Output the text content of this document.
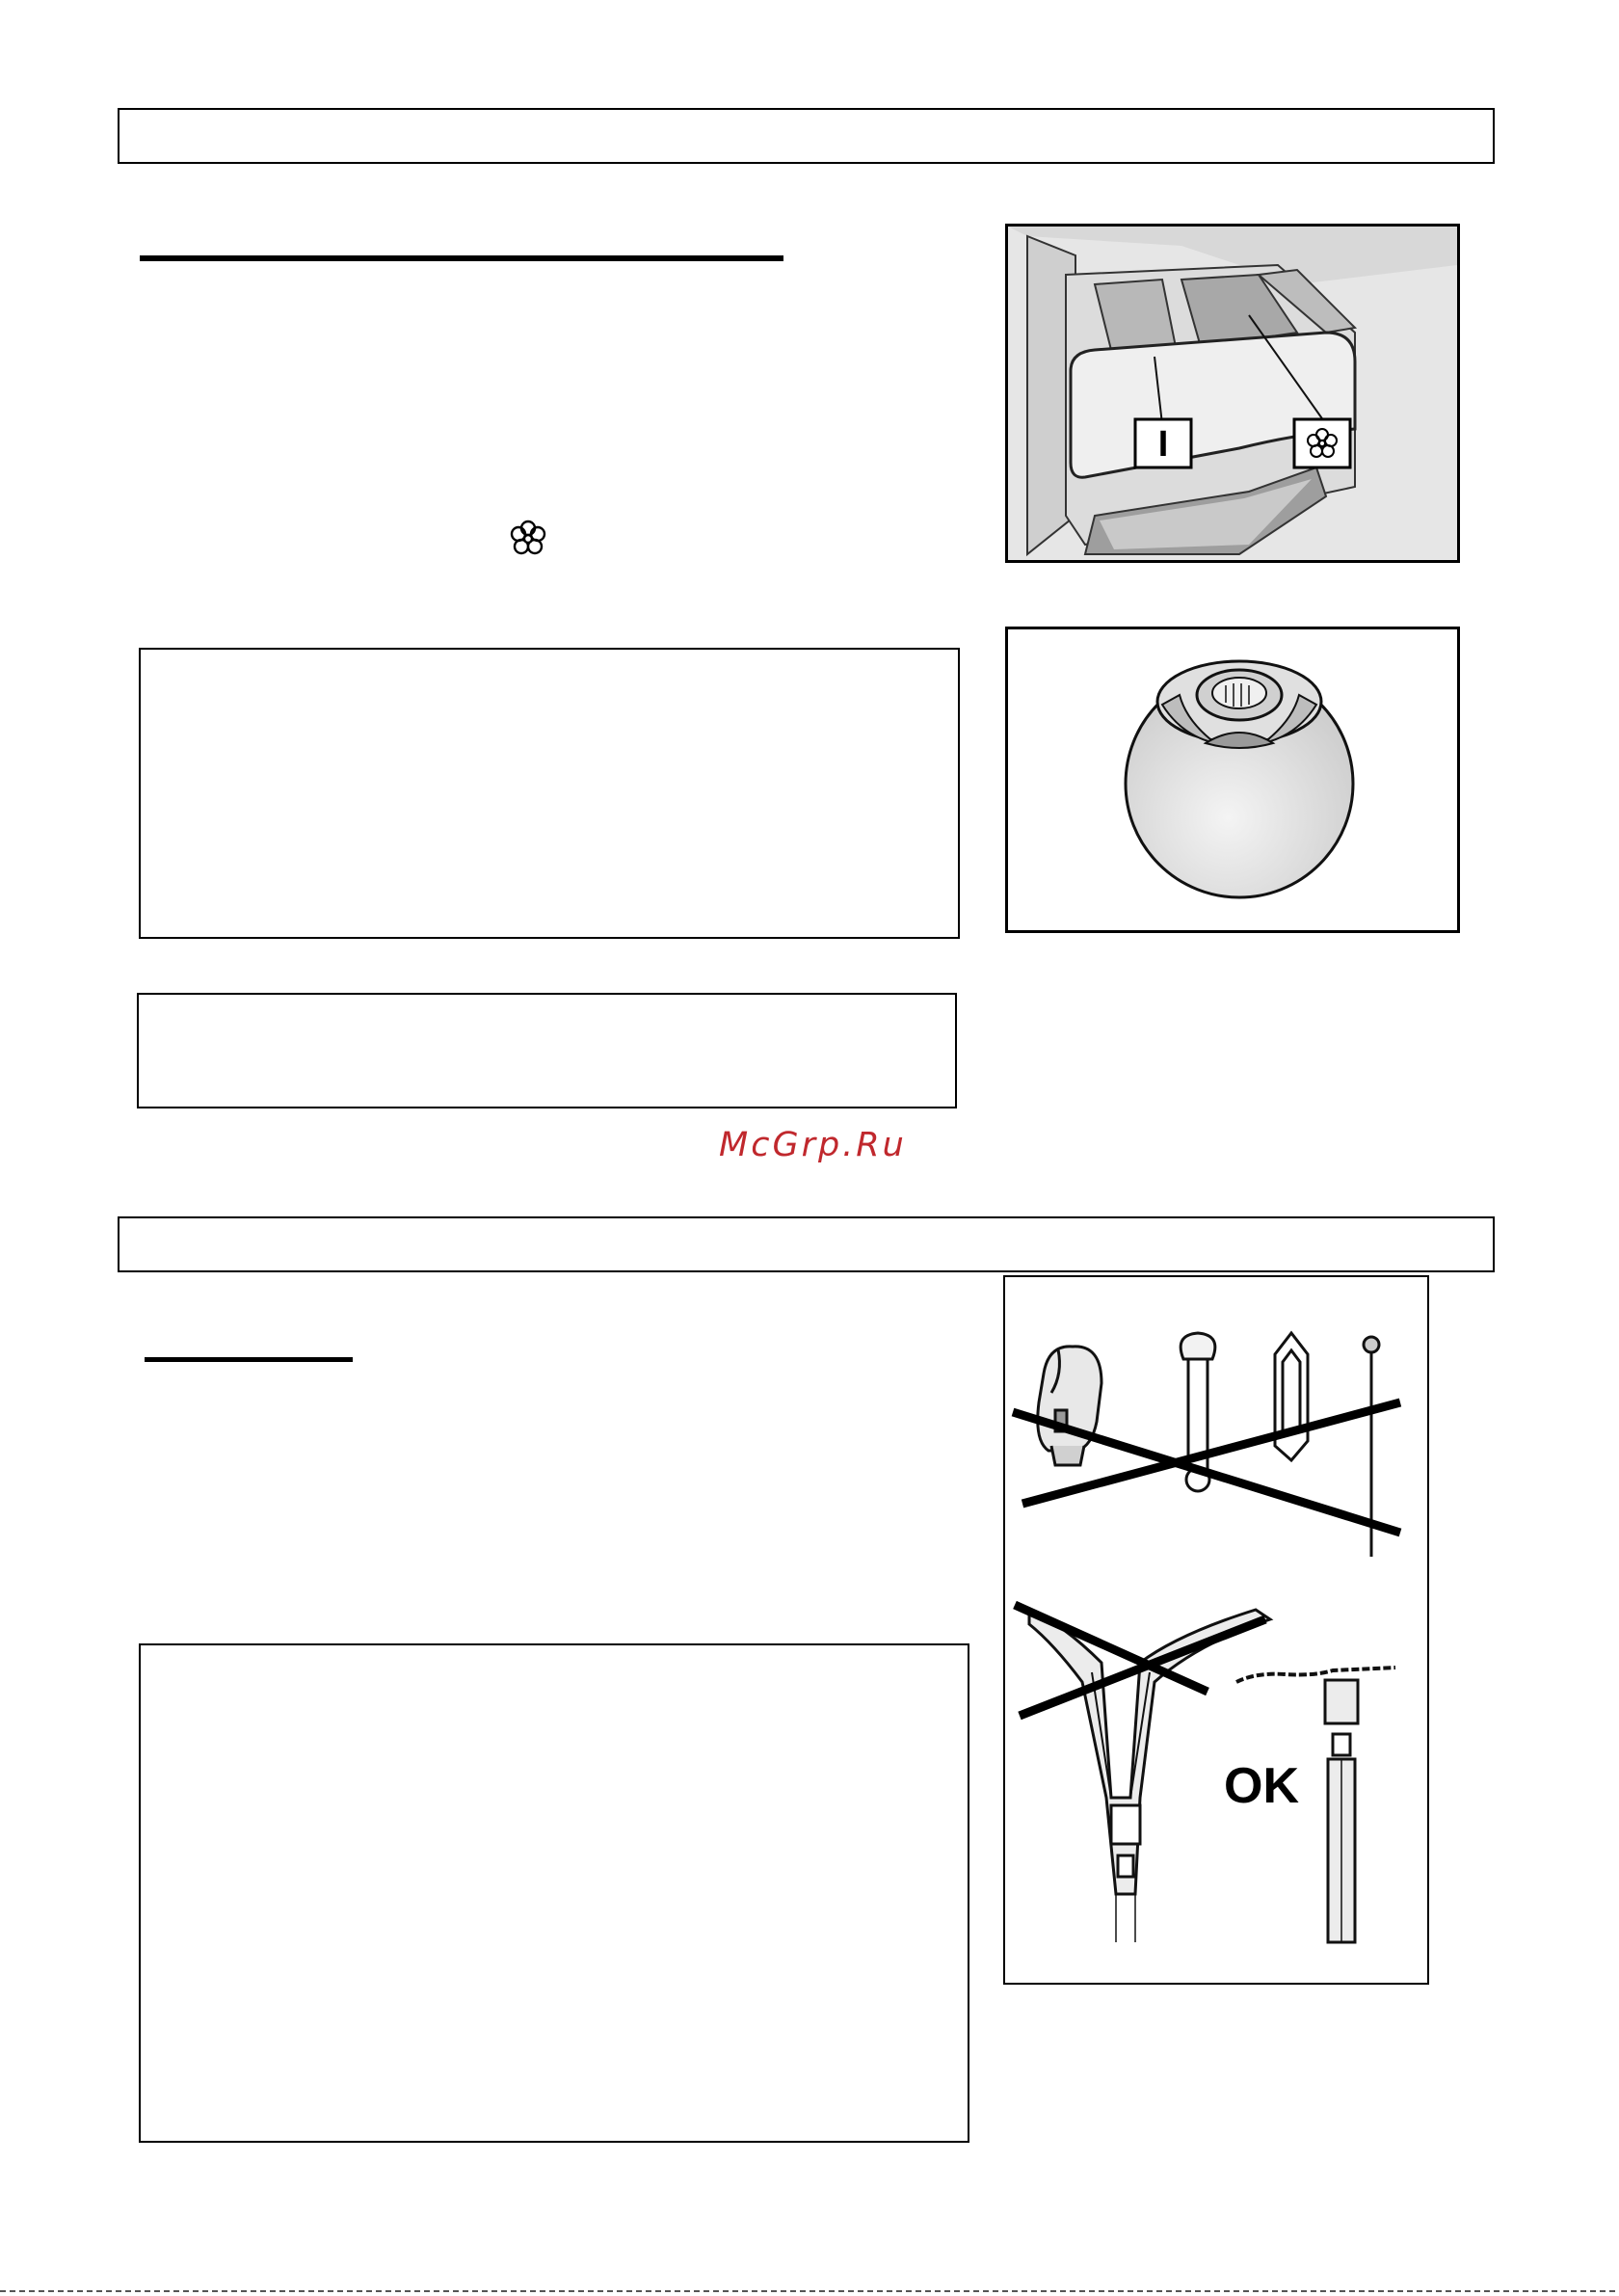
I
McGrp.Ru
OK
